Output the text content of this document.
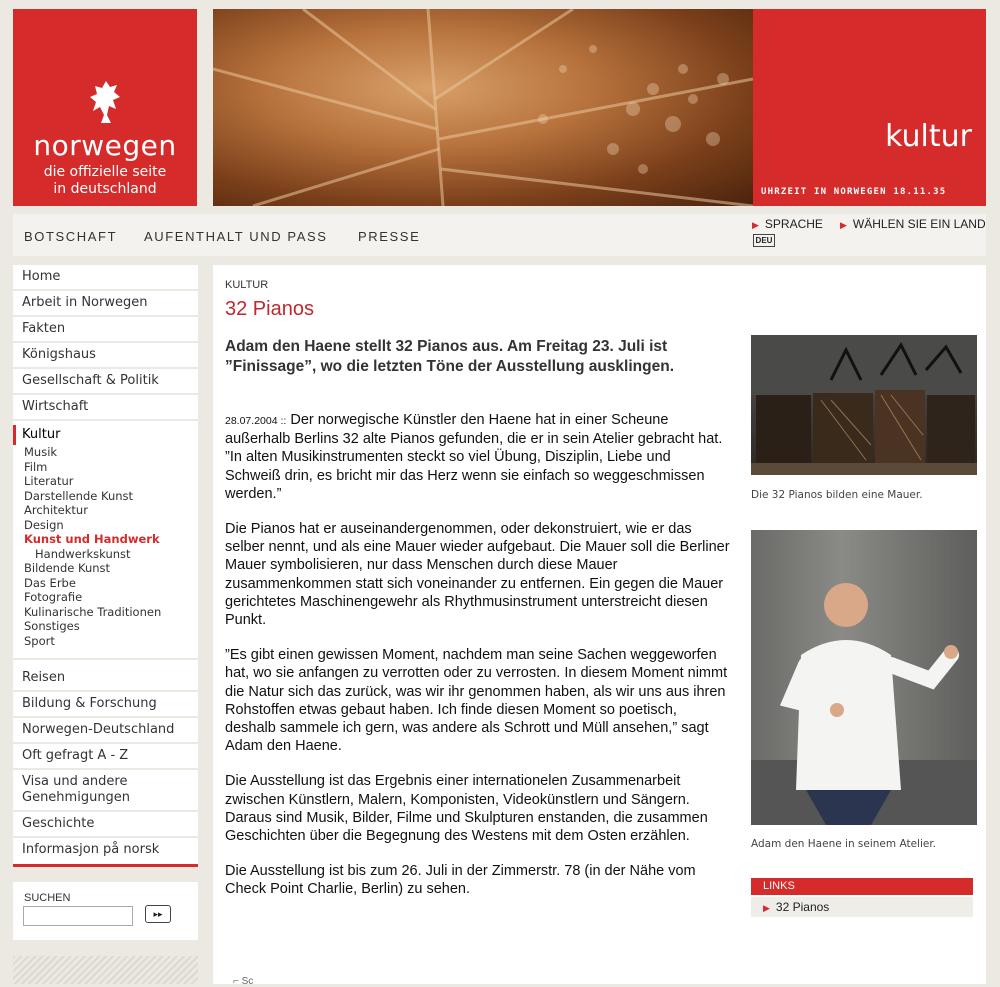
norwegen
die offizielle seite
in deutschland
kultur
UHRZEIT IN NORWEGEN 18.11.35
BOTSCHAFT AUFENTHALT UND PASS PRESSE
▶ SPRACHE ▶ WÄHLEN SIE EIN LAND
DEU
Home
Arbeit in Norwegen
Fakten
Königshaus
Gesellschaft & Politik
Wirtschaft
Kultur
Musik
Film
Literatur
Darstellende Kunst
Architektur
Design
Kunst und Handwerk
Handwerkskunst
Bildende Kunst
Das Erbe
Fotografie
Kulinarische Traditionen
Sonstiges
Sport
Reisen
Bildung & Forschung
Norwegen-Deutschland
Oft gefragt A - Z
Visa und andere Genehmigungen
Geschichte
Informasjon på norsk
SUCHEN
▸▸
KULTUR
32 Pianos
Adam den Haene stellt 32 Pianos aus. Am Freitag 23. Juli ist ”Finissage”, wo die letzten Töne der Ausstellung ausklingen.

28.07.2004 :: Der norwegische Künstler den Haene hat in einer Scheune außerhalb Berlins 32 alte Pianos gefunden, die er in sein Atelier gebracht hat. ”In alten Musikinstrumenten steckt so viel Übung, Disziplin, Liebe und Schweiß drin, es bricht mir das Herz wenn sie einfach so weggeschmissen werden.”

Die Pianos hat er auseinandergenommen, oder dekonstruiert, wie er das selber nennt, und als eine Mauer wieder aufgebaut. Die Mauer soll die Berliner Mauer symbolisieren, nur dass Menschen durch diese Mauer zusammenkommen statt sich voneinander zu entfernen. Ein gegen die Mauer gerichtetes Maschinengewehr als Rhythmusinstrument unterstreicht diesen Punkt.

”Es gibt einen gewissen Moment, nachdem man seine Sachen weggeworfen hat, wo sie anfangen zu verrotten oder zu verrosten. In diesem Moment nimmt die Natur sich das zurück, was wir ihr genommen haben, als wir uns aus ihren Rohstoffen etwas gebaut haben. Ich finde diesen Moment so poetisch, deshalb sammele ich gern, was andere als Schrott und Müll ansehen,” sagt Adam den Haene.

Die Ausstellung ist das Ergebnis einer internationelen Zusammenarbeit zwischen Künstlern, Malern, Komponisten, Videokünstlern und Sängern. Daraus sind Musik, Bilder, Filme und Skulpturen enstanden, die zusammen Geschichten über die Begegnung des Westens mit dem Osten erzählen.

Die Ausstellung ist bis zum 26. Juli in der Zimmerstr. 78 (in der Nähe vom Check Point Charlie, Berlin) zu sehen.

⌐ Sc
Die 32 Pianos bilden eine Mauer.
Adam den Haene in seinem Atelier.
LINKS
▶ 32 Pianos
